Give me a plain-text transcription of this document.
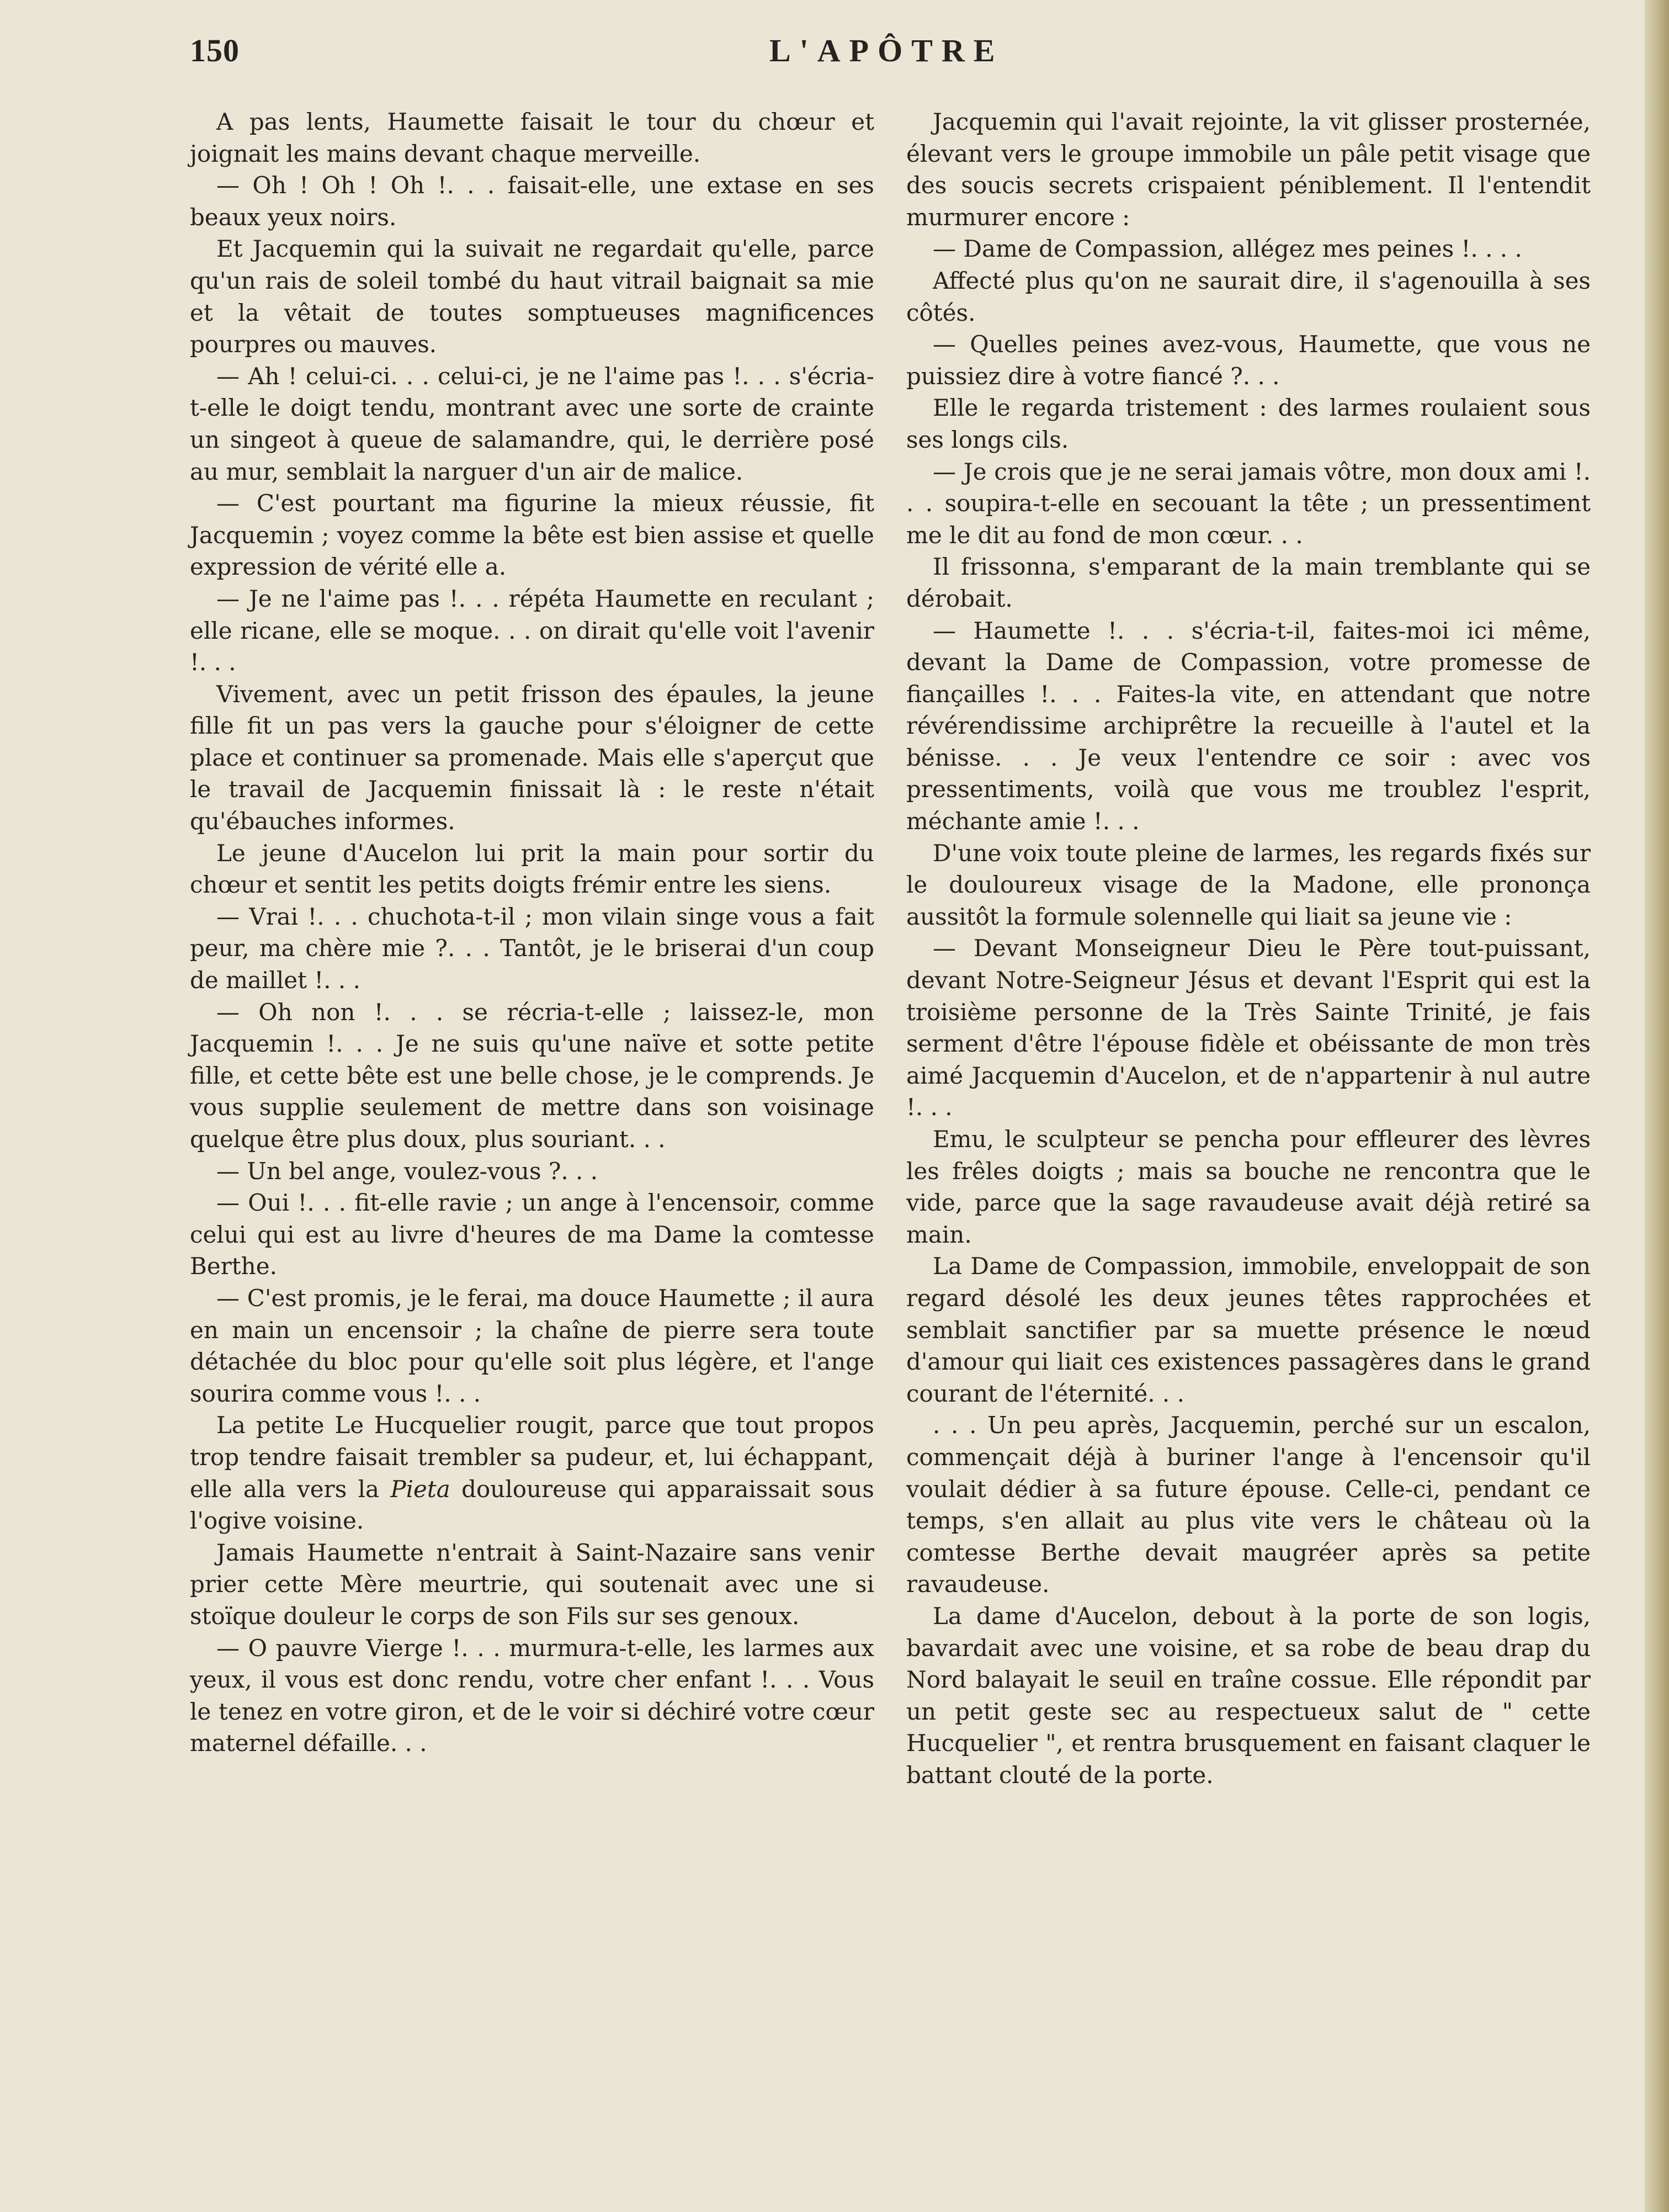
150	L'APÔTRE

A pas lents, Haumette faisait le tour du chœur et joignait les mains devant chaque merveille.

— Oh ! Oh ! Oh !. . . faisait-elle, une extase en ses beaux yeux noirs.

Et Jacquemin qui la suivait ne regardait qu'elle, parce qu'un rais de soleil tombé du haut vitrail baignait sa mie et la vêtait de toutes somptueuses magnificences pourpres ou mauves.

— Ah ! celui-ci. . . celui-ci, je ne l'aime pas !. . . s'écria-t-elle le doigt tendu, montrant avec une sorte de crainte un singeot à queue de salamandre, qui, le derrière posé au mur, semblait la narguer d'un air de malice.

— C'est pourtant ma figurine la mieux réussie, fit Jacquemin ; voyez comme la bête est bien assise et quelle expression de vérité elle a.

— Je ne l'aime pas !. . . répéta Haumette en reculant ; elle ricane, elle se moque. . . on dirait qu'elle voit l'avenir !. . .

Vivement, avec un petit frisson des épaules, la jeune fille fit un pas vers la gauche pour s'éloigner de cette place et continuer sa promenade. Mais elle s'aperçut que le travail de Jacquemin finissait là : le reste n'était qu'ébauches informes.

Le jeune d'Aucelon lui prit la main pour sortir du chœur et sentit les petits doigts frémir entre les siens.

— Vrai !. . . chuchota-t-il ; mon vilain singe vous a fait peur, ma chère mie ?. . . Tantôt, je le briserai d'un coup de maillet !. . .

— Oh non !. . . se récria-t-elle ; laissez-le, mon Jacquemin !. . . Je ne suis qu'une naïve et sotte petite fille, et cette bête est une belle chose, je le comprends. Je vous supplie seulement de mettre dans son voisinage quelque être plus doux, plus souriant. . .

— Un bel ange, voulez-vous ?. . .

— Oui !. . . fit-elle ravie ; un ange à l'encensoir, comme celui qui est au livre d'heures de ma Dame la comtesse Berthe.

— C'est promis, je le ferai, ma douce Haumette ; il aura en main un encensoir ; la chaîne de pierre sera toute détachée du bloc pour qu'elle soit plus légère, et l'ange sourira comme vous !. . .

La petite Le Hucquelier rougit, parce que tout propos trop tendre faisait trembler sa pudeur, et, lui échappant, elle alla vers la Pieta douloureuse qui apparaissait sous l'ogive voisine.

Jamais Haumette n'entrait à Saint-Nazaire sans venir prier cette Mère meurtrie, qui soutenait avec une si stoïque douleur le corps de son Fils sur ses genoux.

— O pauvre Vierge !. . . murmura-t-elle, les larmes aux yeux, il vous est donc rendu, votre cher enfant !. . . Vous le tenez en votre giron, et de le voir si déchiré votre cœur maternel défaille. . .

Jacquemin qui l'avait rejointe, la vit glisser prosternée, élevant vers le groupe immobile un pâle petit visage que des soucis secrets crispaient péniblement. Il l'entendit murmurer encore :

— Dame de Compassion, allégez mes peines !. . . .

Affecté plus qu'on ne saurait dire, il s'agenouilla à ses côtés.

— Quelles peines avez-vous, Haumette, que vous ne puissiez dire à votre fiancé ?. . .

Elle le regarda tristement : des larmes roulaient sous ses longs cils.

— Je crois que je ne serai jamais vôtre, mon doux ami !. . . soupira-t-elle en secouant la tête ; un pressentiment me le dit au fond de mon cœur. . .

Il frissonna, s'emparant de la main tremblante qui se dérobait.

— Haumette !. . . s'écria-t-il, faites-moi ici même, devant la Dame de Compassion, votre promesse de fiançailles !. . . Faites-la vite, en attendant que notre révérendissime archiprêtre la recueille à l'autel et la bénisse. . . Je veux l'entendre ce soir : avec vos pressentiments, voilà que vous me troublez l'esprit, méchante amie !. . .

D'une voix toute pleine de larmes, les regards fixés sur le douloureux visage de la Madone, elle prononça aussitôt la formule solennelle qui liait sa jeune vie :

— Devant Monseigneur Dieu le Père tout-puissant, devant Notre-Seigneur Jésus et devant l'Esprit qui est la troisième personne de la Très Sainte Trinité, je fais serment d'être l'épouse fidèle et obéissante de mon très aimé Jacquemin d'Aucelon, et de n'appartenir à nul autre !. . .

Emu, le sculpteur se pencha pour effleurer des lèvres les frêles doigts ; mais sa bouche ne rencontra que le vide, parce que la sage ravaudeuse avait déjà retiré sa main.

La Dame de Compassion, immobile, enveloppait de son regard désolé les deux jeunes têtes rapprochées et semblait sanctifier par sa muette présence le nœud d'amour qui liait ces existences passagères dans le grand courant de l'éternité. . .

. . . Un peu après, Jacquemin, perché sur un escalon, commençait déjà à buriner l'ange à l'encensoir qu'il voulait dédier à sa future épouse. Celle-ci, pendant ce temps, s'en allait au plus vite vers le château où la comtesse Berthe devait maugréer après sa petite ravaudeuse.

La dame d'Aucelon, debout à la porte de son logis, bavardait avec une voisine, et sa robe de beau drap du Nord balayait le seuil en traîne cossue. Elle répondit par un petit geste sec au respectueux salut de " cette Hucquelier ", et rentra brusquement en faisant claquer le battant clouté de la porte.
